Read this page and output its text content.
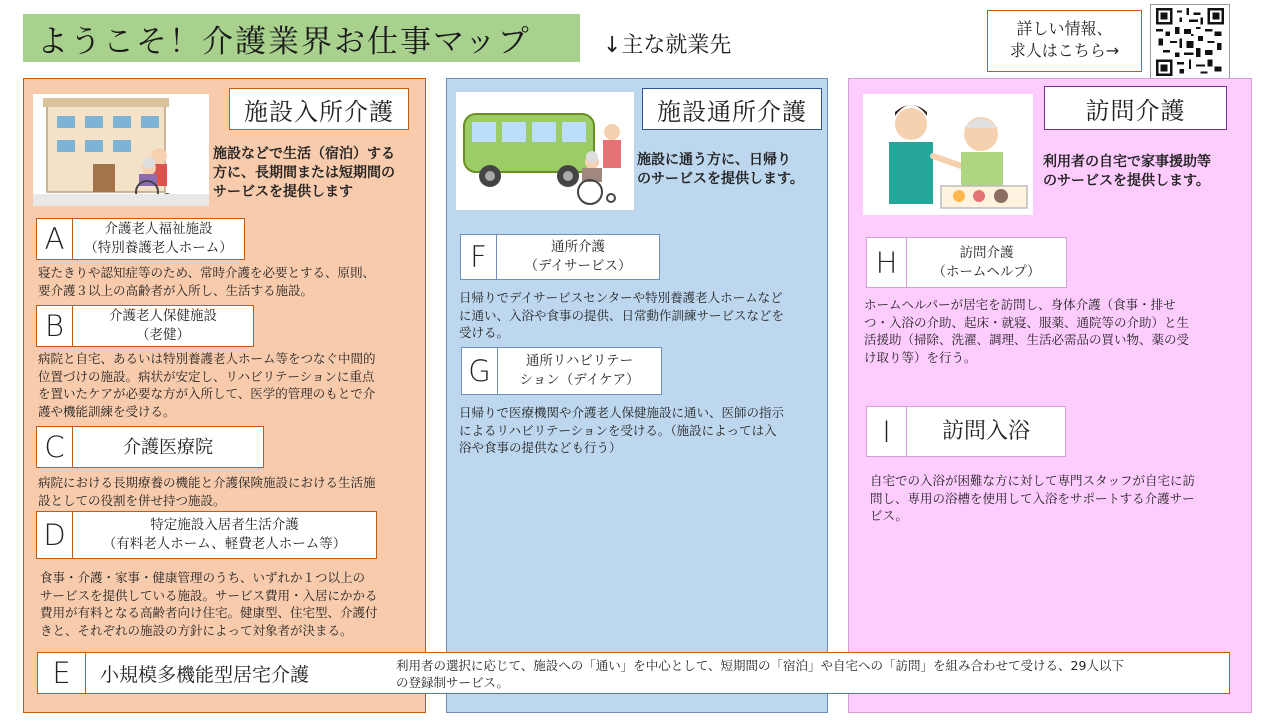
ようこそ！介護業界お仕事マップ	↓主な就業先
詳しい情報、
求人はこちら→
施設入所介護
施設などで生活（宿泊）する
方に、長期間または短期間の
サービスを提供します
A	介護老人福祉施設
（特別養護老人ホーム）
寝たきりや認知症等のため、常時介護を必要とする、原則、
要介護３以上の高齢者が入所し、生活する施設。
B	介護老人保健施設
（老健）
病院と自宅、あるいは特別養護老人ホーム等をつなぐ中間的
位置づけの施設。病状が安定し、リハビリテーションに重点
を置いたケアが必要な方が入所して、医学的管理のもとで介
護や機能訓練を受ける。
C	介護医療院
病院における長期療養の機能と介護保険施設における生活施
設としての役割を併せ持つ施設。
D	特定施設入居者生活介護
（有料老人ホーム、軽費老人ホーム等）
食事・介護・家事・健康管理のうち、いずれか１つ以上の
サービスを提供している施設。サービス費用・入居にかかる
費用が有料となる高齢者向け住宅。健康型、住宅型、介護付
きと、それぞれの施設の方針によって対象者が決まる。
施設通所介護
施設に通う方に、日帰り
のサービスを提供します。
F	通所介護
（デイサービス）
日帰りでデイサービスセンターや特別養護老人ホームなど
に通い、入浴や食事の提供、日常動作訓練サービスなどを
受ける。
G	通所リハビリテー
ション（デイケア）
日帰りで医療機関や介護老人保健施設に通い、医師の指示
によるリハビリテーションを受ける。（施設によっては入
浴や食事の提供なども行う）
訪問介護
利用者の自宅で家事援助等
のサービスを提供します。
H	訪問介護
（ホームヘルプ）
ホームヘルパーが居宅を訪問し、身体介護（食事・排せ
つ・入浴の介助、起床・就寝、服薬、通院等の介助）と生
活援助（掃除、洗濯、調理、生活必需品の買い物、薬の受
け取り等）を行う。
I	訪問入浴
自宅での入浴が困難な方に対して専門スタッフが自宅に訪
問し、専用の浴槽を使用して入浴をサポートする介護サー
ビス。
E	小規模多機能型居宅介護	利用者の選択に応じて、施設への「通い」を中心として、短期間の「宿泊」や自宅への「訪問」を組み合わせて受ける、29人以下
の登録制サービス。
